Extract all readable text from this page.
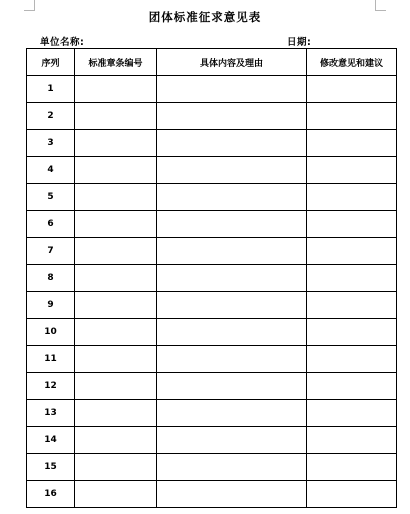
团体标准征求意见表
单位名称:	日期:
序列	标准章条编号	具体内容及理由	修改意见和建议
1			
2			
3			
4			
5			
6			
7			
8			
9			
10			
11			
12			
13			
14			
15			
16			
